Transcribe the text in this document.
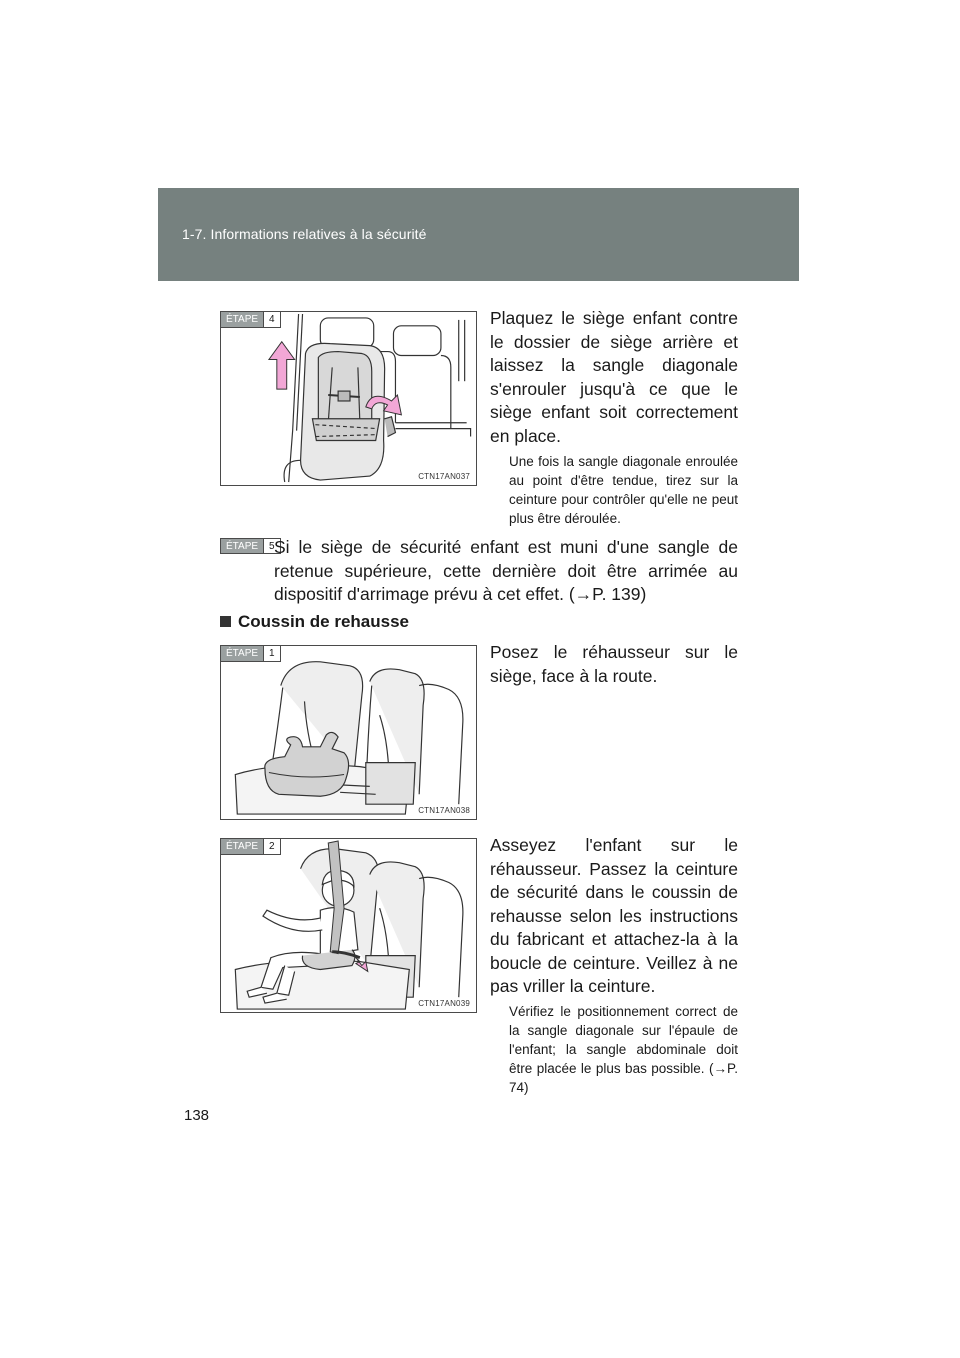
1-7. Informations relatives à la sécurité
ÉTAPE	4
CTN17AN037
Plaquez le siège enfant contre le dossier de siège arrière et laissez la sangle diagonale s'enrouler jusqu'à ce que le siège enfant soit correctement en place.
Une fois la sangle diagonale enroulée au point d'être tendue, tirez sur la ceinture pour contrôler qu'elle ne peut plus être déroulée.
ÉTAPE	5 Si le siège de sécurité enfant est muni d'une sangle de retenue supérieure, cette dernière doit être arrimée au dispositif d'arrimage prévu à cet effet. (→P. 139)
Coussin de rehausse
ÉTAPE	1
CTN17AN038
Posez le réhausseur sur le siège, face à la route.
ÉTAPE	2
CTN17AN039
Asseyez l'enfant sur le réhausseur. Passez la ceinture de sécurité dans le coussin de rehausse selon les instructions du fabricant et attachez-la à la boucle de ceinture. Veillez à ne pas vriller la ceinture.
Vérifiez le positionnement correct de la sangle diagonale sur l'épaule de l'enfant; la sangle abdominale doit être placée le plus bas possible. (→P. 74)
138
